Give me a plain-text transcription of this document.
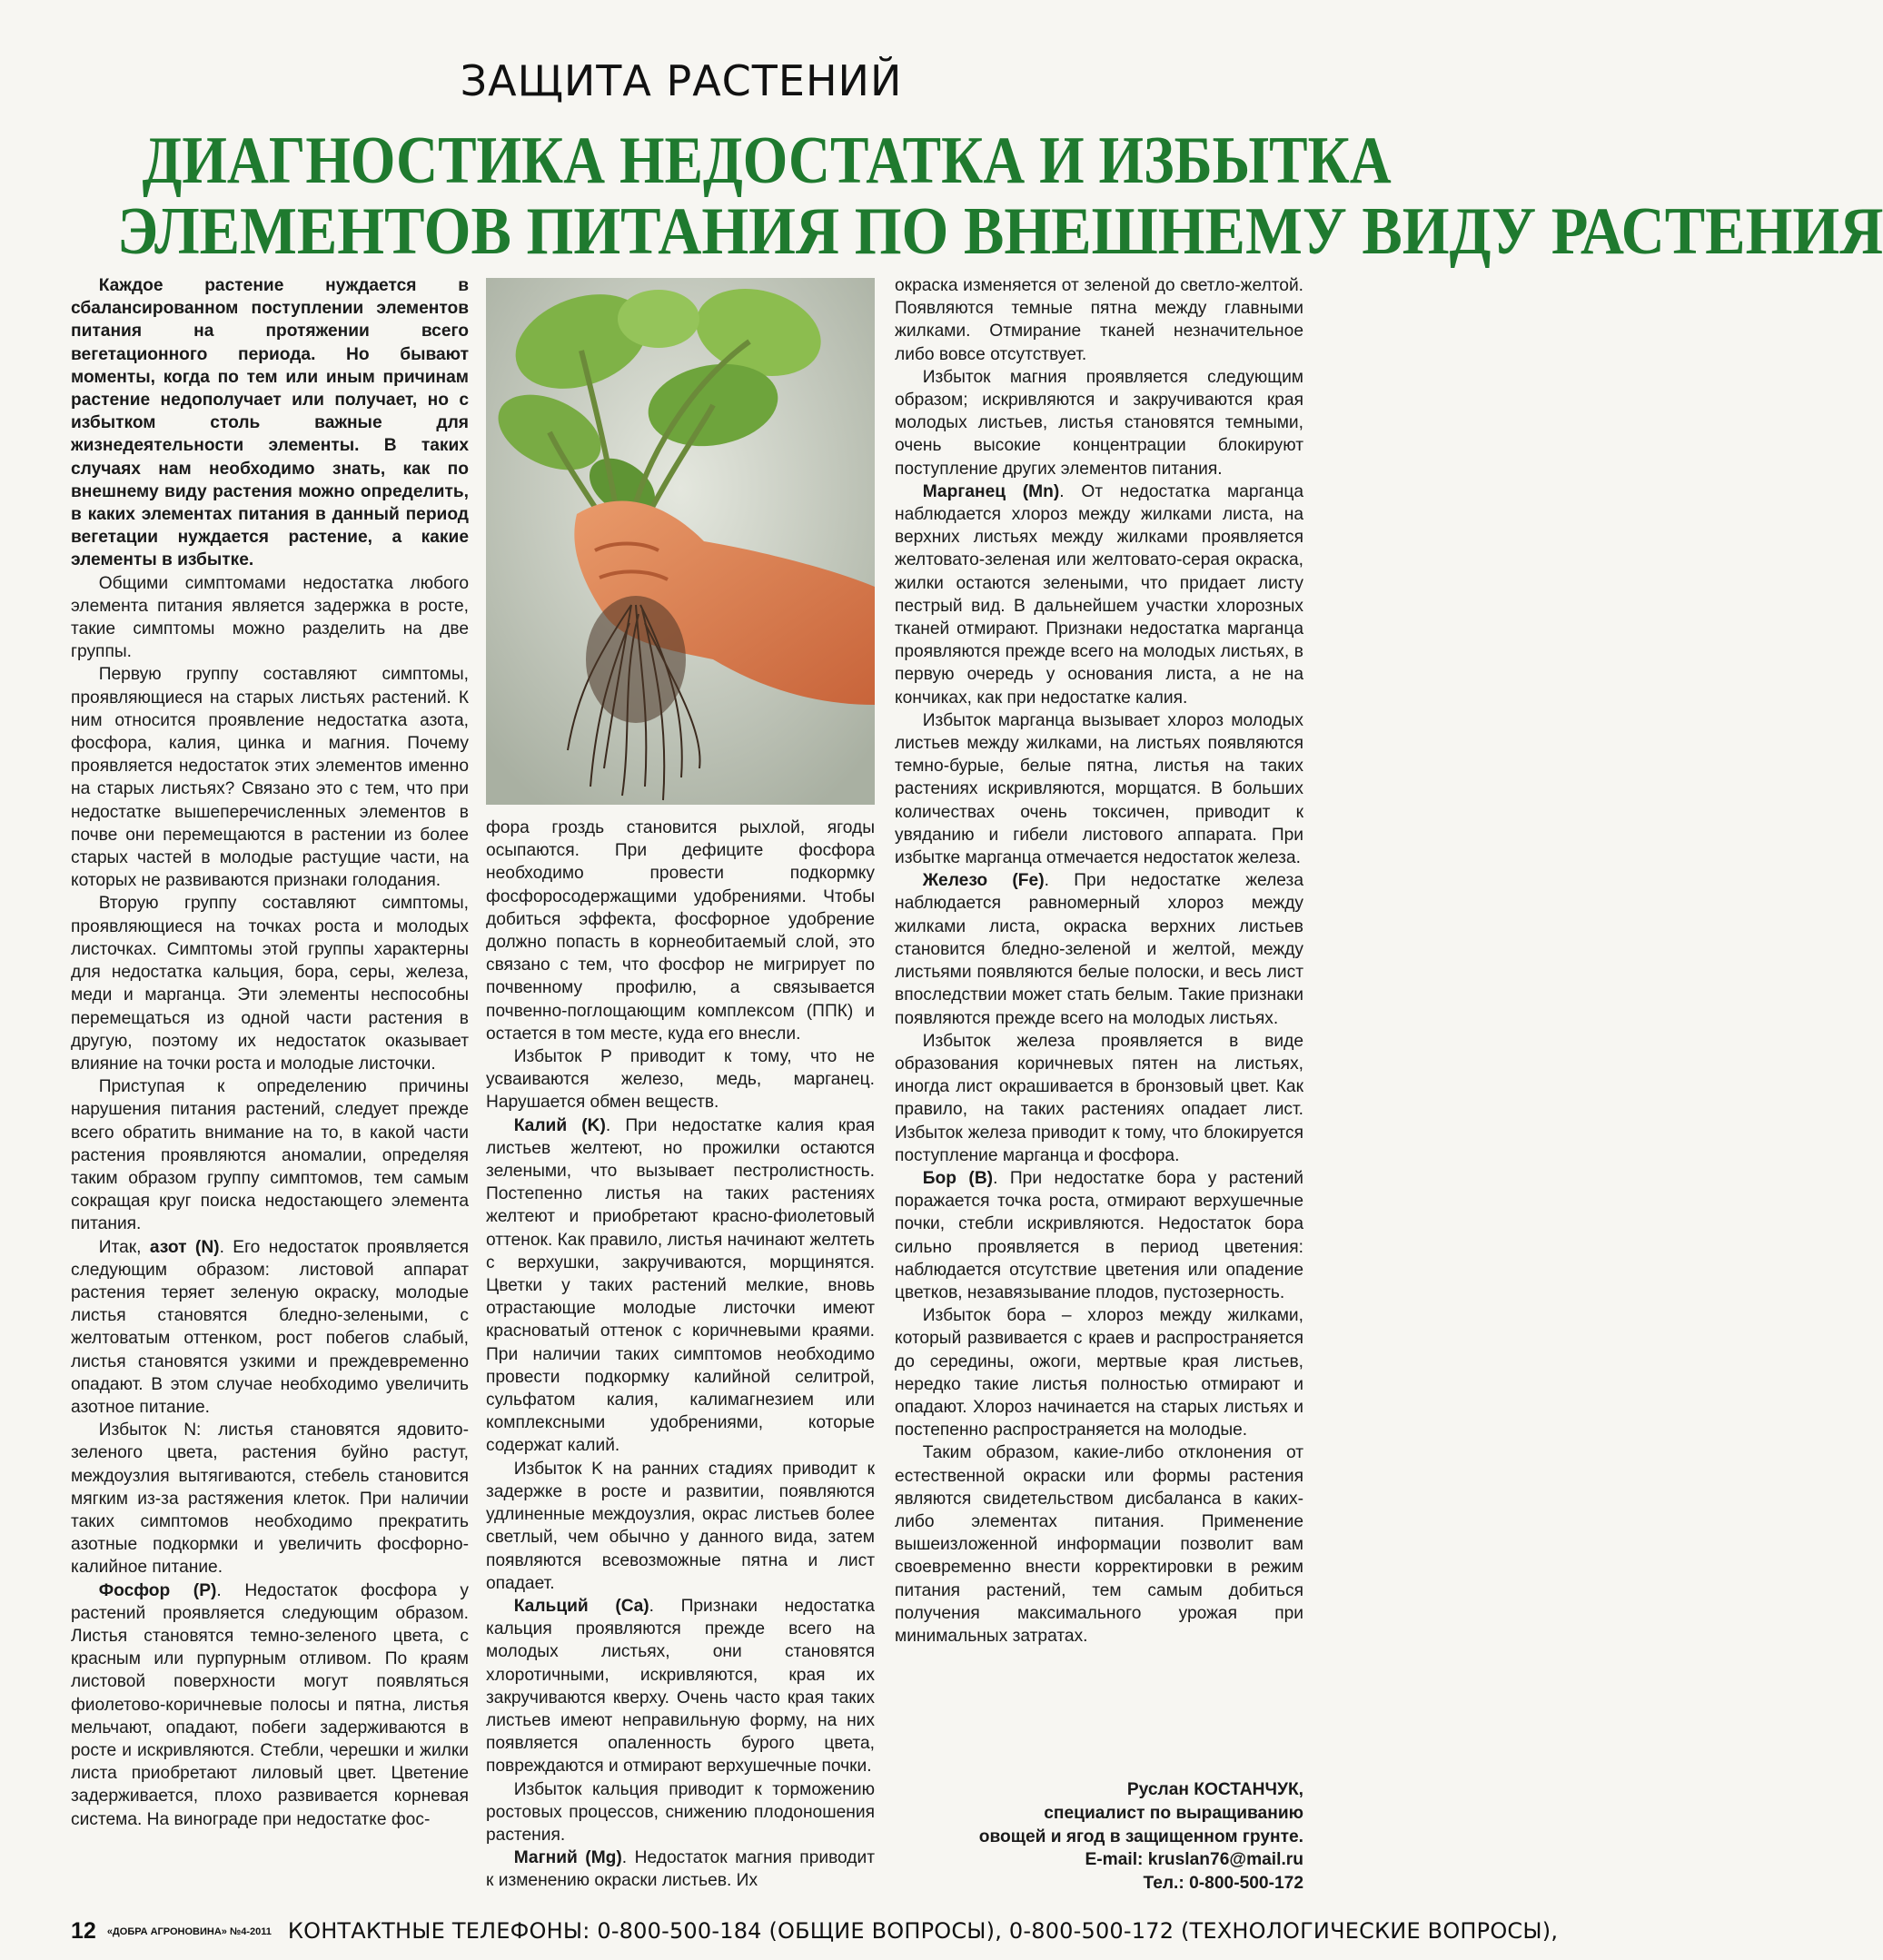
ЗАЩИТА РАСТЕНИЙ
ДИАГНОСТИКА НЕДОСТАТКА И ИЗБЫТКА
ЭЛЕМЕНТОВ ПИТАНИЯ ПО ВНЕШНЕМУ ВИДУ РАСТЕНИЯ

Каждое растение нуждается в сбалансированном поступлении элементов питания на протяжении всего вегетационного периода. Но бывают моменты, когда по тем или иным причинам растение недополучает или получает, но с избытком столь важные для жизнедеятельности элементы. В таких случаях нам необходимо знать, как по внешнему виду растения можно определить, в каких элементах питания в данный период вегетации нуждается растение, а какие элементы в избытке.

Общими симптомами недостатка любого элемента питания является задержка в росте, такие симптомы можно разделить на две группы.

Первую группу составляют симптомы, проявляющиеся на старых листьях растений. К ним относится проявление недостатка азота, фосфора, калия, цинка и магния. Почему проявляется недостаток этих элементов именно на старых листьях? Связано это с тем, что при недостатке вышеперечисленных элементов в почве они перемещаются в растении из более старых частей в молодые растущие части, на которых не развиваются признаки голодания.

Вторую группу составляют симптомы, проявляющиеся на точках роста и молодых листочках. Симптомы этой группы характерны для недостатка кальция, бора, серы, железа, меди и марганца. Эти элементы неспособны перемещаться из одной части растения в другую, поэтому их недостаток оказывает влияние на точки роста и молодые листочки.

Приступая к определению причины нарушения питания растений, следует прежде всего обратить внимание на то, в какой части растения проявляются аномалии, определяя таким образом группу симптомов, тем самым сокращая круг поиска недостающего элемента питания.

Итак, азот (N). Его недостаток проявляется следующим образом: листовой аппарат растения теряет зеленую окраску, молодые листья становятся бледно-зелеными, с желтоватым оттенком, рост побегов слабый, листья становятся узкими и преждевременно опадают. В этом случае необходимо увеличить азотное питание.

Избыток N: листья становятся ядовито-зеленого цвета, растения буйно растут, междоузлия вытягиваются, стебель становится мягким из-за растяжения клеток. При наличии таких симптомов необходимо прекратить азотные подкормки и увеличить фосфорно-калийное питание.

Фосфор (P). Недостаток фосфора у растений проявляется следующим образом. Листья становятся темно-зеленого цвета, с красным или пурпурным отливом. По краям листовой поверхности могут появляться фиолетово-коричневые полосы и пятна, листья мельчают, опадают, побеги задерживаются в росте и искривляются. Стебли, черешки и жилки листа приобретают лиловый цвет. Цветение задерживается, плохо развивается корневая система. На винограде при недостатке фос-

фора гроздь становится рыхлой, ягоды осыпаются. При дефиците фосфора необходимо провести подкормку фосфоросодержащими удобрениями. Чтобы добиться эффекта, фосфорное удобрение должно попасть в корнеобитаемый слой, это связано с тем, что фосфор не мигрирует по почвенному профилю, а связывается почвенно-поглощающим комплексом (ППК) и остается в том месте, куда его внесли.

Избыток P приводит к тому, что не усваиваются железо, медь, марганец. Нарушается обмен веществ.

Калий (K). При недостатке калия края листьев желтеют, но прожилки остаются зелеными, что вызывает пестролистность. Постепенно листья на таких растениях желтеют и приобретают красно-фиолетовый оттенок. Как правило, листья начинают желтеть с верхушки, закручиваются, морщинятся. Цветки у таких растений мелкие, вновь отрастающие молодые листочки имеют красноватый оттенок с коричневыми краями. При наличии таких симптомов необходимо провести подкормку калийной селитрой, сульфатом калия, калимагнезием или комплексными удобрениями, которые содержат калий.

Избыток K на ранних стадиях приводит к задержке в росте и развитии, появляются удлиненные междоузлия, окрас листьев более светлый, чем обычно у данного вида, затем появляются всевозможные пятна и лист опадает.

Кальций (Ca). Признаки недостатка кальция проявляются прежде всего на молодых листьях, они становятся хлоротичными, искривляются, края их закручиваются кверху. Очень часто края таких листьев имеют неправильную форму, на них появляется опаленность бурого цвета, повреждаются и отмирают верхушечные почки.

Избыток кальция приводит к торможению ростовых процессов, снижению плодоношения растения.

Магний (Mg). Недостаток магния приводит к изменению окраски листьев. Их

окраска изменяется от зеленой до светло-желтой. Появляются темные пятна между главными жилками. Отмирание тканей незначительное либо вовсе отсутствует.

Избыток магния проявляется следующим образом; искривляются и закручиваются края молодых листьев, листья становятся темными, очень высокие концентрации блокируют поступление других элементов питания.

Марганец (Mn). От недостатка марганца наблюдается хлороз между жилками листа, на верхних листьях между жилками проявляется желтовато-зеленая или желтовато-серая окраска, жилки остаются зелеными, что придает листу пестрый вид. В дальнейшем участки хлорозных тканей отмирают. Признаки недостатка марганца проявляются прежде всего на молодых листьях, в первую очередь у основания листа, а не на кончиках, как при недостатке калия.

Избыток марганца вызывает хлороз молодых листьев между жилками, на листьях появляются темно-бурые, белые пятна, листья на таких растениях искривляются, морщатся. В больших количествах очень токсичен, приводит к увяданию и гибели листового аппарата. При избытке марганца отмечается недостаток железа.

Железо (Fe). При недостатке железа наблюдается равномерный хлороз между жилками листа, окраска верхних листьев становится бледно-зеленой и желтой, между листьями появляются белые полоски, и весь лист впоследствии может стать белым. Такие признаки появляются прежде всего на молодых листьях.

Избыток железа проявляется в виде образования коричневых пятен на листьях, иногда лист окрашивается в бронзовый цвет. Как правило, на таких растениях опадает лист. Избыток железа приводит к тому, что блокируется поступление марганца и фосфора.

Бор (B). При недостатке бора у растений поражается точка роста, отмирают верхушечные почки, стебли искривляются. Недостаток бора сильно проявляется в период цветения: наблюдается отсутствие цветения или опадение цветков, незавязывание плодов, пустозерность.

Избыток бора – хлороз между жилками, который развивается с краев и распространяется до середины, ожоги, мертвые края листьев, нередко такие листья полностью отмирают и опадают. Хлороз начинается на старых листьях и постепенно распространяется на молодые.

Таким образом, какие-либо отклонения от естественной окраски или формы растения являются свидетельством дисбаланса в каких-либо элементах питания. Применение вышеизложенной информации позволит вам своевременно внести корректировки в режим питания растений, тем самым добиться получения максимального урожая при минимальных затратах.

Руслан КОСТАНЧУК,
специалист по выращиванию
овощей и ягод в защищенном грунте.
E-mail: kruslan76@mail.ru
Тел.: 0-800-500-172
12 «ДОБРА АГРОНОВИНА» №4-2011 КОНТАКТНЫЕ ТЕЛЕФОНЫ: 0-800-500-184 (ОБЩИЕ ВОПРОСЫ), 0-800-500-172 (ТЕХНОЛОГИЧЕСКИЕ ВОПРОСЫ),
